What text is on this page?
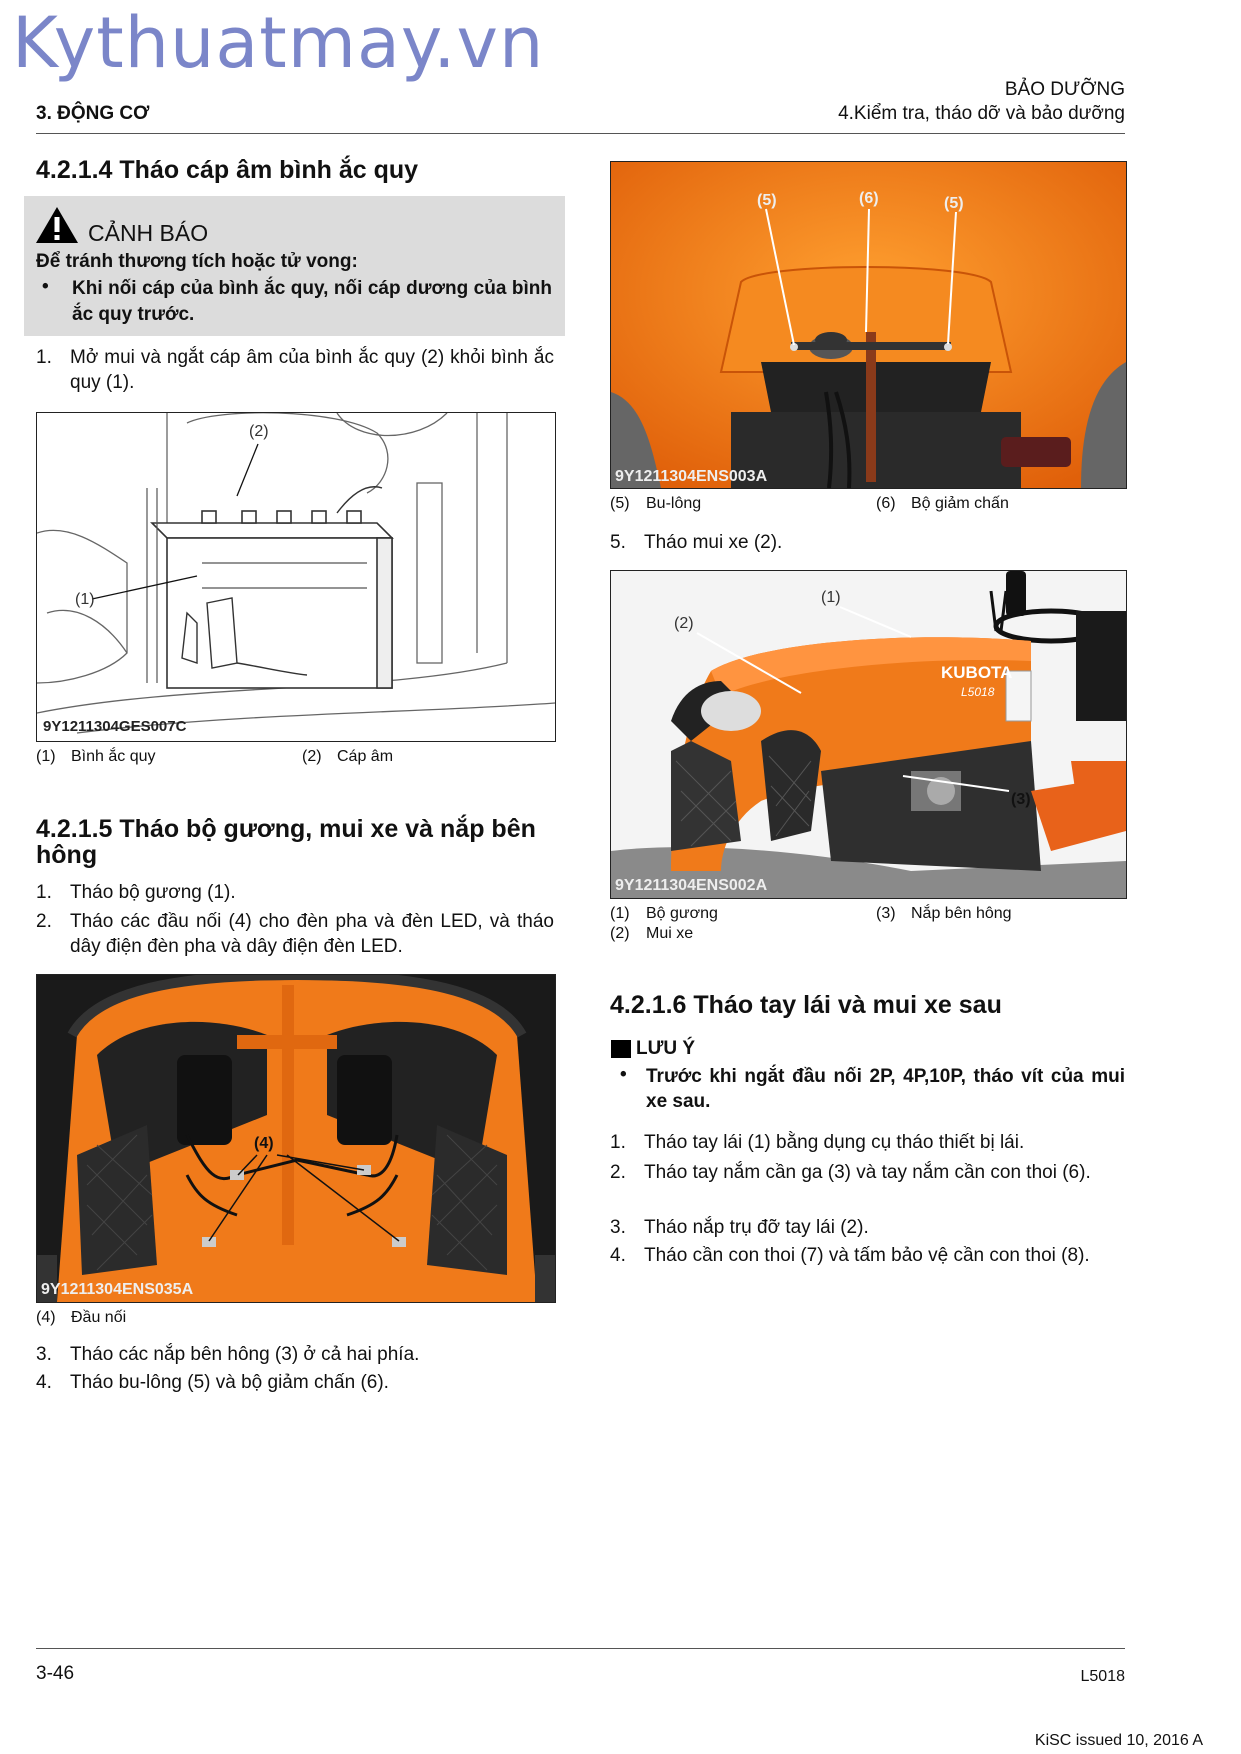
Kythuatmay.vn
3. ĐỘNG CƠ
BẢO DƯỠNG
4.Kiểm tra, tháo dỡ và bảo dưỡng
4.2.1.4 Tháo cáp âm bình ắc quy
CẢNH BÁO
Để tránh thương tích hoặc tử vong:
• Khi nối cáp của bình ắc quy, nối cáp dương của bình ắc quy trước.
1. Mở mui và ngắt cáp âm của bình ắc quy (2) khỏi bình ắc quy (1).
(2)
(1)
9Y1211304GES007C
(1) Bình ắc quy	(2) Cáp âm
4.2.1.5 Tháo bộ gương, mui xe và nắp bên
hông
1. Tháo bộ gương (1).
2. Tháo các đầu nối (4) cho đèn pha và đèn LED, và tháo dây điện đèn pha và dây điện đèn LED.
(4)
9Y1211304ENS035A
(4) Đầu nối
3. Tháo các nắp bên hông (3) ở cả hai phía.
4. Tháo bu-lông (5) và bộ giảm chấn (6).
(5)	(6)	(5)
9Y1211304ENS003A
(5) Bu-lông	(6) Bộ giảm chấn
5. Tháo mui xe (2).
KUBOTA
L5018
(1)
(2)
(3)
9Y1211304ENS002A
(1) Bộ gương
(2) Mui xe
(3) Nắp bên hông
4.2.1.6 Tháo tay lái và mui xe sau
LƯU Ý
• Trước khi ngắt đầu nối 2P, 4P,10P, tháo vít của mui xe sau.
1. Tháo tay lái (1) bằng dụng cụ tháo thiết bị lái.
2. Tháo tay nắm cần ga (3) và tay nắm cần con thoi (6).
3. Tháo nắp trụ đỡ tay lái (2).
4. Tháo cần con thoi (7) và tấm bảo vệ cần con thoi (8).
3-46	L5018
KiSC issued 10, 2016 A
